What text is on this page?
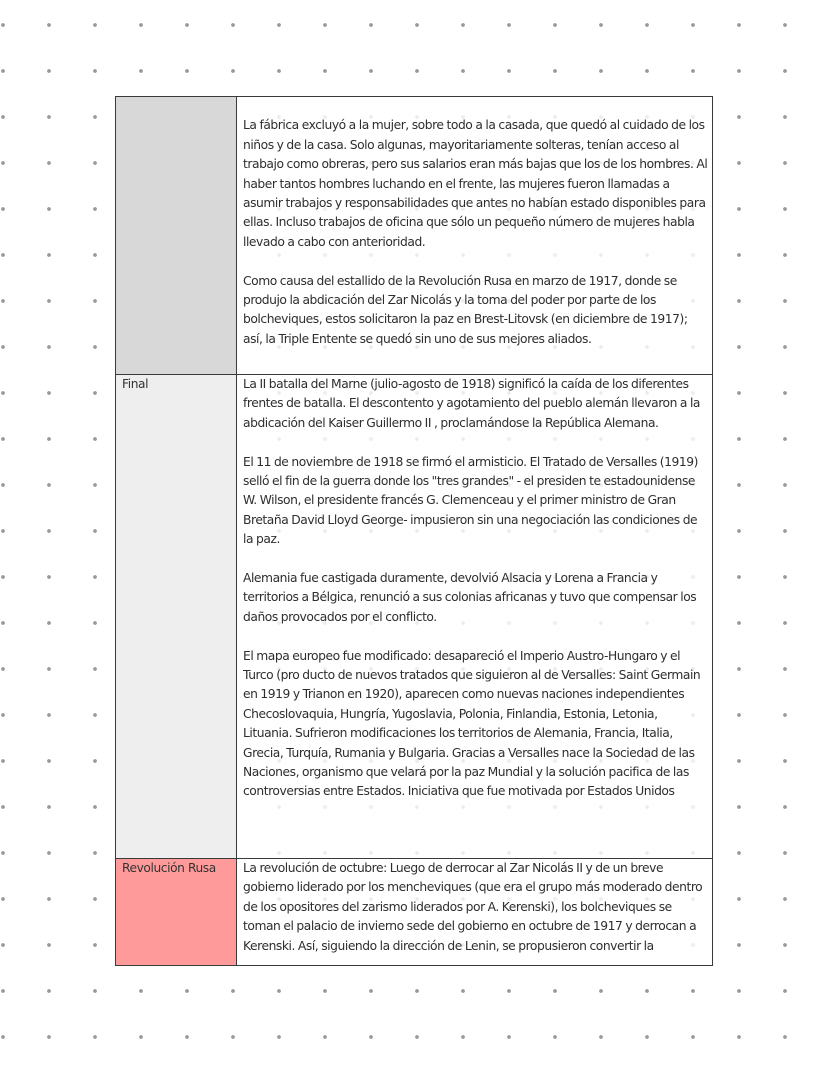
	La fábrica excluyó a la mujer, sobre todo a la casada, que quedó al cuidado de los niños y de la casa. Solo algunas, mayoritariamente solteras, tenían acceso al trabajo como obreras, pero sus salarios eran más bajas que los de los hombres. Al haber tantos hombres luchando en el frente, las mujeres fueron llamadas a asumir trabajos y responsabilidades que antes no habían estado disponibles para ellas. Incluso trabajos de oficina que sólo un pequeño número de mujeres habla llevado a cabo con anterioridad.

Como causa del estallido de la Revolución Rusa en marzo de 1917, donde se produjo la abdicación del Zar Nicolás y la toma del poder por parte de los bolcheviques, estos solicitaron la paz en Brest-Litovsk (en diciembre de 1917); así, la Triple Entente se quedó sin uno de sus mejores aliados.

Final	La II batalla del Marne (julio-agosto de 1918) significó la caída de los diferentes frentes de batalla. El descontento y agotamiento del pueblo alemán llevaron a la abdicación del Kaiser Guillermo II , proclamándose la República Alemana.

El 11 de noviembre de 1918 se firmó el armisticio. El Tratado de Versalles (1919) selló el fin de la guerra donde los "tres grandes" - el presiden te estadounidense W. Wilson, el presidente francés G. Clemenceau y el primer ministro de Gran Bretaña David Lloyd George- impusieron sin una negociación las condiciones de la paz.

Alemania fue castigada duramente, devolvió Alsacia y Lorena a Francia y territorios a Bélgica, renunció a sus colonias africanas y tuvo que compensar los daños provocados por el conflicto.

El mapa europeo fue modificado: desapareció el Imperio Austro-Hungaro y el Turco (pro ducto de nuevos tratados que siguieron al de Versalles: Saint Germain en 1919 y Trianon en 1920), aparecen como nuevas naciones independientes Checoslovaquia, Hungría, Yugoslavia, Polonia, Finlandia, Estonia, Letonia, Lituania. Sufrieron modificaciones los territorios de Alemania, Francia, Italia, Grecia, Turquía, Rumania y Bulgaria. Gracias a Versalles nace la Sociedad de las Naciones, organismo que velará por la paz Mundial y la solución pacifica de las controversias entre Estados. Iniciativa que fue motivada por Estados Unidos

Revolución Rusa	La revolución de octubre: Luego de derrocar al Zar Nicolás II y de un breve gobierno liderado por los mencheviques (que era el grupo más moderado dentro de los opositores del zarismo liderados por A. Kerenski), los bolcheviques se toman el palacio de invierno sede del gobierno en octubre de 1917 y derrocan a Kerenski. Así, siguiendo la dirección de Lenin, se propusieron convertir la
